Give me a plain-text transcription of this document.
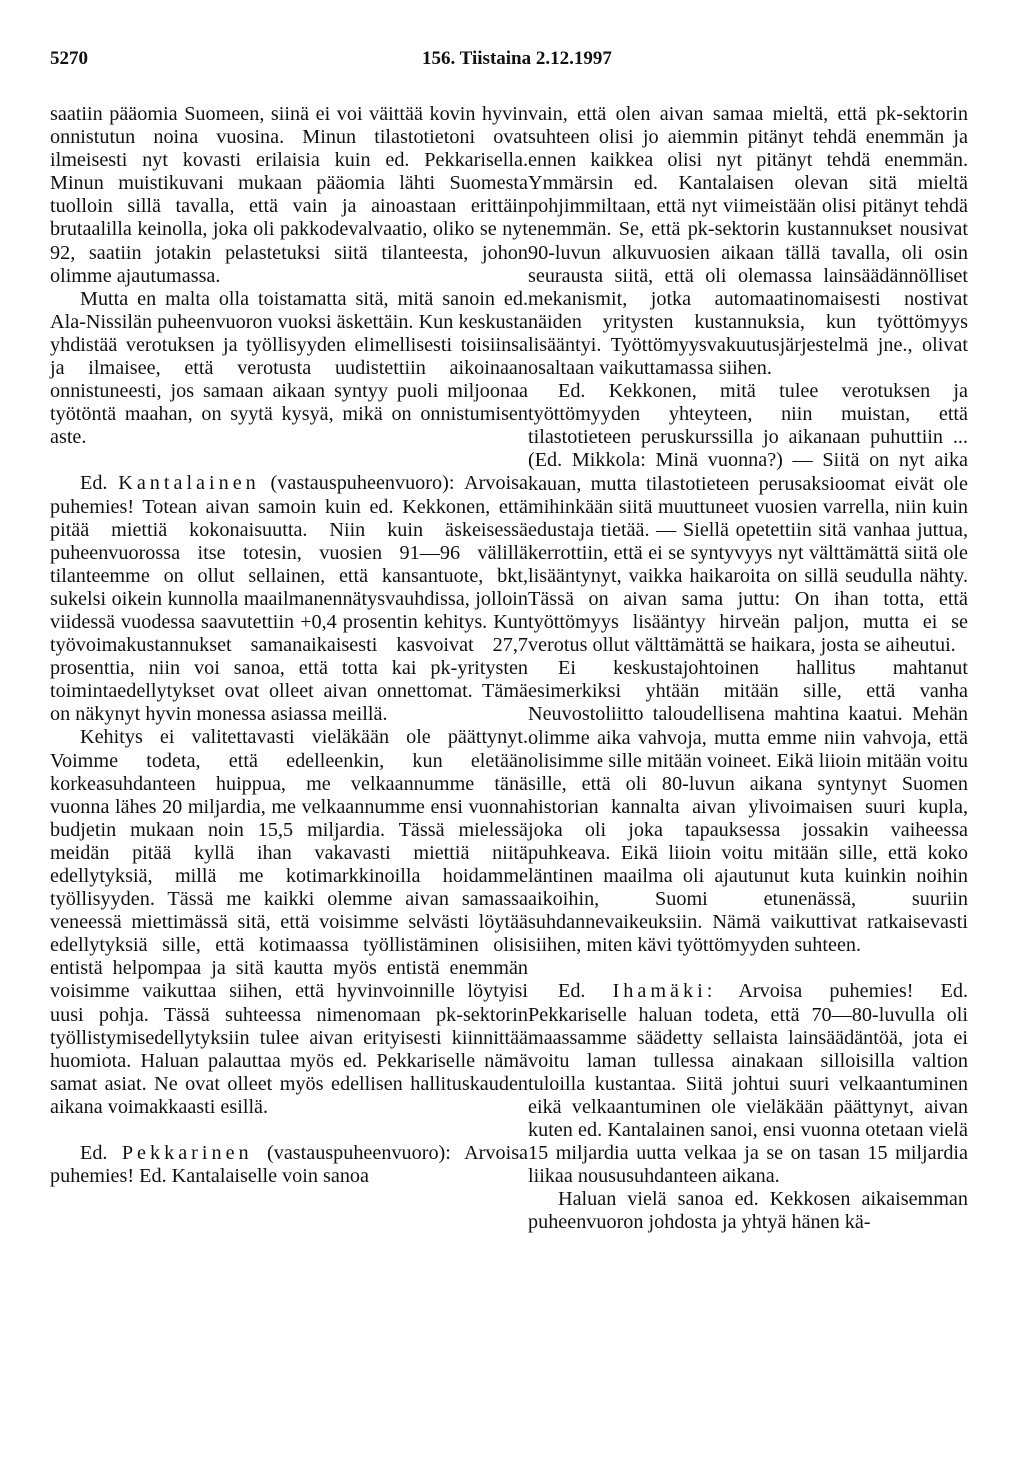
5270	156. Tiistaina 2.12.1997

saatiin pääomia Suomeen, siinä ei voi väittää kovin hyvin onnistutun noina vuosina. Minun tilastotietoni ovat ilmeisesti nyt kovasti erilaisia kuin ed. Pekkarisella. Minun muistikuvani mukaan pääomia lähti Suomesta tuolloin sillä tavalla, että vain ja ainoastaan erittäin brutaalilla keinolla, joka oli pakkodevalvaatio, oliko se nyt 92, saatiin jotakin pelastetuksi siitä tilanteesta, johon olimme ajautumassa.

Mutta en malta olla toistamatta sitä, mitä sanoin ed. Ala-Nissilän puheenvuoron vuoksi äskettäin. Kun keskusta yhdistää verotuksen ja työllisyyden elimellisesti toisiinsa ja ilmaisee, että verotusta uudistettiin aikoinaan onnistuneesti, jos samaan aikaan syntyy puoli miljoonaa työtöntä maahan, on syytä kysyä, mikä on onnistumisen aste.

Ed. Kantalainen (vastauspuheenvuoro): Arvoisa puhemies! Totean aivan samoin kuin ed. Kekkonen, että pitää miettiä kokonaisuutta. Niin kuin äskeisessä puheenvuorossa itse totesin, vuosien 91—96 välillä tilanteemme on ollut sellainen, että kansantuote, bkt, sukelsi oikein kunnolla maailmanennätysvauhdissa, jolloin viidessä vuodessa saavutettiin +0,4 prosentin kehitys. Kun työvoimakustannukset samanaikaisesti kasvoivat 27,7 prosenttia, niin voi sanoa, että totta kai pk-yritysten toimintaedellytykset ovat olleet aivan onnettomat. Tämä on näkynyt hyvin monessa asiassa meillä.

Kehitys ei valitettavasti vieläkään ole päättynyt. Voimme todeta, että edelleenkin, kun eletään korkeasuhdanteen huippua, me velkaannumme tänä vuonna lähes 20 miljardia, me velkaannumme ensi vuonna budjetin mukaan noin 15,5 miljardia. Tässä mielessä meidän pitää kyllä ihan vakavasti miettiä niitä edellytyksiä, millä me kotimarkkinoilla hoidamme työllisyyden. Tässä me kaikki olemme aivan samassa veneessä miettimässä sitä, että voisimme selvästi löytää edellytyksiä sille, että kotimaassa työllistäminen olisi entistä helpompaa ja sitä kautta myös entistä enemmän voisimme vaikuttaa siihen, että hyvinvoinnille löytyisi uusi pohja. Tässä suhteessa nimenomaan pk-sektorin työllistymisedellytyksiin tulee aivan erityisesti kiinnittää huomiota. Haluan palauttaa myös ed. Pekkariselle nämä samat asiat. Ne ovat olleet myös edellisen hallituskauden aikana voimakkaasti esillä.

Ed. Pekkarinen (vastauspuheenvuoro): Arvoisa puhemies! Ed. Kantalaiselle voin sanoa

vain, että olen aivan samaa mieltä, että pk-sektorin suhteen olisi jo aiemmin pitänyt tehdä enemmän ja ennen kaikkea olisi nyt pitänyt tehdä enemmän. Ymmärsin ed. Kantalaisen olevan sitä mieltä pohjimmiltaan, että nyt viimeistään olisi pitänyt tehdä enemmän. Se, että pk-sektorin kustannukset nousivat 90-luvun alkuvuosien aikaan tällä tavalla, oli osin seurausta siitä, että oli olemassa lainsäädännölliset mekanismit, jotka automaatinomaisesti nostivat näiden yritysten kustannuksia, kun työttömyys lisääntyi. Työttömyysvakuutusjärjestelmä jne., olivat osaltaan vaikuttamassa siihen.

Ed. Kekkonen, mitä tulee verotuksen ja työttömyyden yhteyteen, niin muistan, että tilastotieteen peruskurssilla jo aikanaan puhuttiin ... (Ed. Mikkola: Minä vuonna?) — Siitä on nyt aika kauan, mutta tilastotieteen perusaksioomat eivät ole mihinkään siitä muuttuneet vuosien varrella, niin kuin edustaja tietää. — Siellä opetettiin sitä vanhaa juttua, kerrottiin, että ei se syntyvyys nyt välttämättä siitä ole lisääntynyt, vaikka haikaroita on sillä seudulla nähty. Tässä on aivan sama juttu: On ihan totta, että työttömyys lisääntyy hirveän paljon, mutta ei se verotus ollut välttämättä se haikara, josta se aiheutui.

Ei keskustajohtoinen hallitus mahtanut esimerkiksi yhtään mitään sille, että vanha Neuvostoliitto taloudellisena mahtina kaatui. Mehän olimme aika vahvoja, mutta emme niin vahvoja, että olisimme sille mitään voineet. Eikä liioin mitään voitu sille, että oli 80-luvun aikana syntynyt Suomen historian kannalta aivan ylivoimaisen suuri kupla, joka oli joka tapauksessa jossakin vaiheessa puhkeava. Eikä liioin voitu mitään sille, että koko läntinen maailma oli ajautunut kuta kuinkin noihin aikoihin, Suomi etunenässä, suuriin suhdannevaikeuksiin. Nämä vaikuttivat ratkaisevasti siihen, miten kävi työttömyyden suhteen.

Ed. Ihamäki: Arvoisa puhemies! Ed. Pekkariselle haluan todeta, että 70—80-luvulla oli maassamme säädetty sellaista lainsäädäntöä, jota ei voitu laman tullessa ainakaan silloisilla valtion tuloilla kustantaa. Siitä johtui suuri velkaantuminen eikä velkaantuminen ole vieläkään päättynyt, aivan kuten ed. Kantalainen sanoi, ensi vuonna otetaan vielä 15 miljardia uutta velkaa ja se on tasan 15 miljardia liikaa noususuhdanteen aikana.

Haluan vielä sanoa ed. Kekkosen aikaisemman puheenvuoron johdosta ja yhtyä hänen kä-
